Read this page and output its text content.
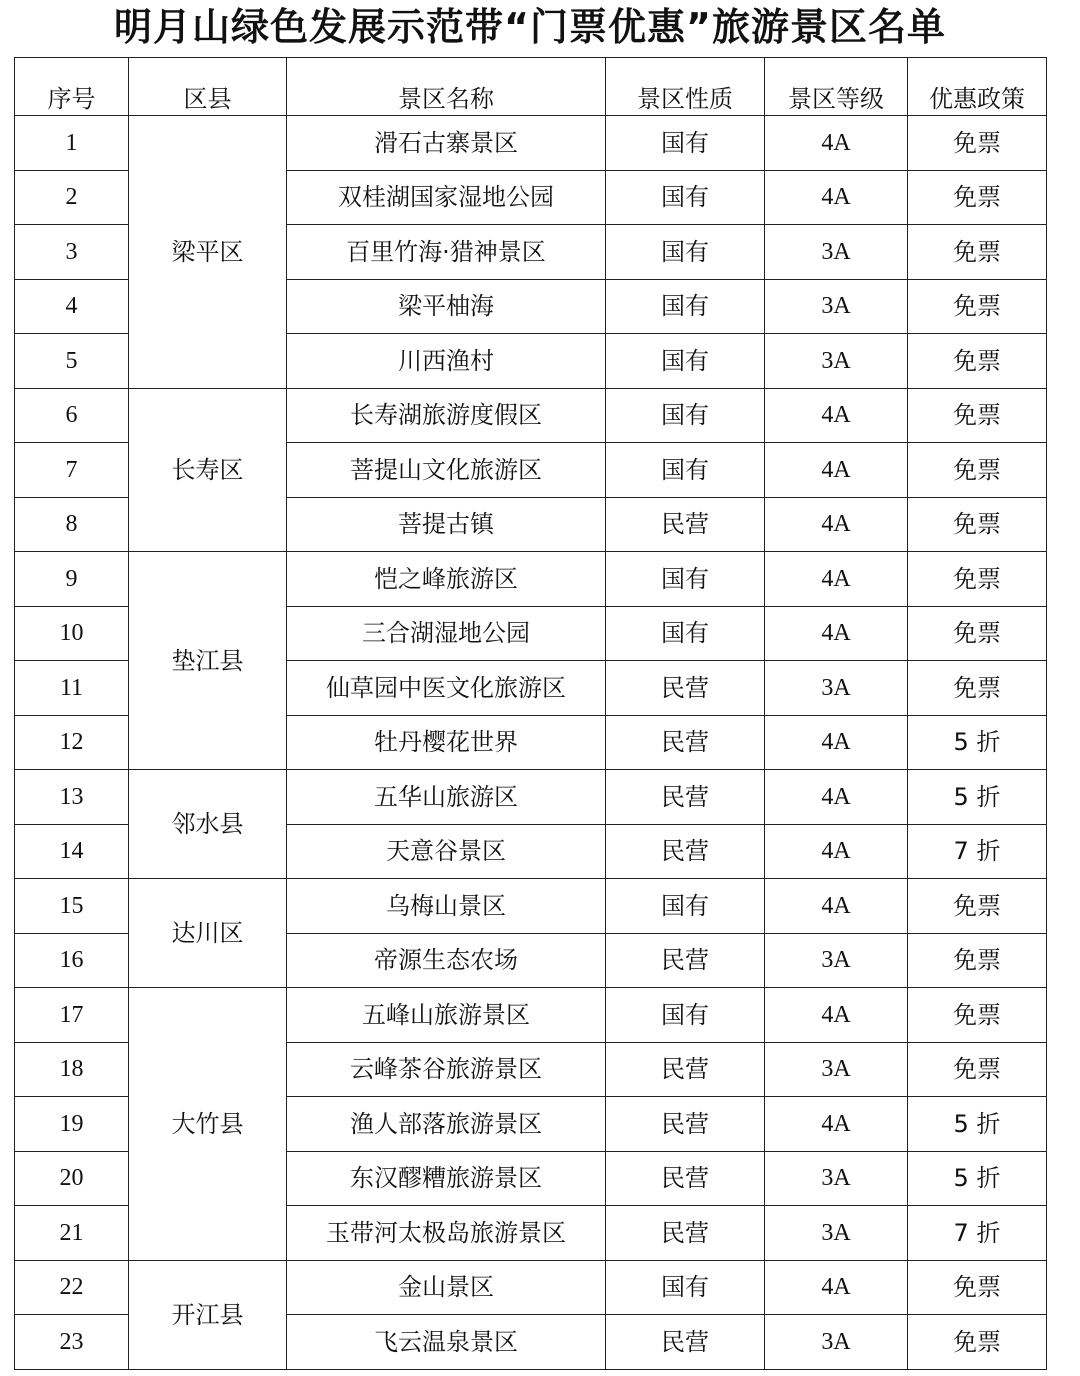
明月山绿色发展示范带“门票优惠”旅游景区名单
序号	区县	景区名称	景区性质	景区等级	优惠政策
1	梁平区	滑石古寨景区	国有	4A	免票
2		双桂湖国家湿地公园	国有	4A	免票
3		百里竹海·猎神景区	国有	3A	免票
4		梁平柚海	国有	3A	免票
5		川西渔村	国有	3A	免票
6	长寿区	长寿湖旅游度假区	国有	4A	免票
7		菩提山文化旅游区	国有	4A	免票
8		菩提古镇	民营	4A	免票
9	垫江县	恺之峰旅游区	国有	4A	免票
10		三合湖湿地公园	国有	4A	免票
11		仙草园中医文化旅游区	民营	3A	免票
12		牡丹樱花世界	民营	4A	5 折
13	邻水县	五华山旅游区	民营	4A	5 折
14		天意谷景区	民营	4A	7 折
15	达川区	乌梅山景区	国有	4A	免票
16		帝源生态农场	民营	3A	免票
17	大竹县	五峰山旅游景区	国有	4A	免票
18		云峰茶谷旅游景区	民营	3A	免票
19		渔人部落旅游景区	民营	4A	5 折
20		东汉醪糟旅游景区	民营	3A	5 折
21		玉带河太极岛旅游景区	民营	3A	7 折
22	开江县	金山景区	国有	4A	免票
23		飞云温泉景区	民营	3A	免票
